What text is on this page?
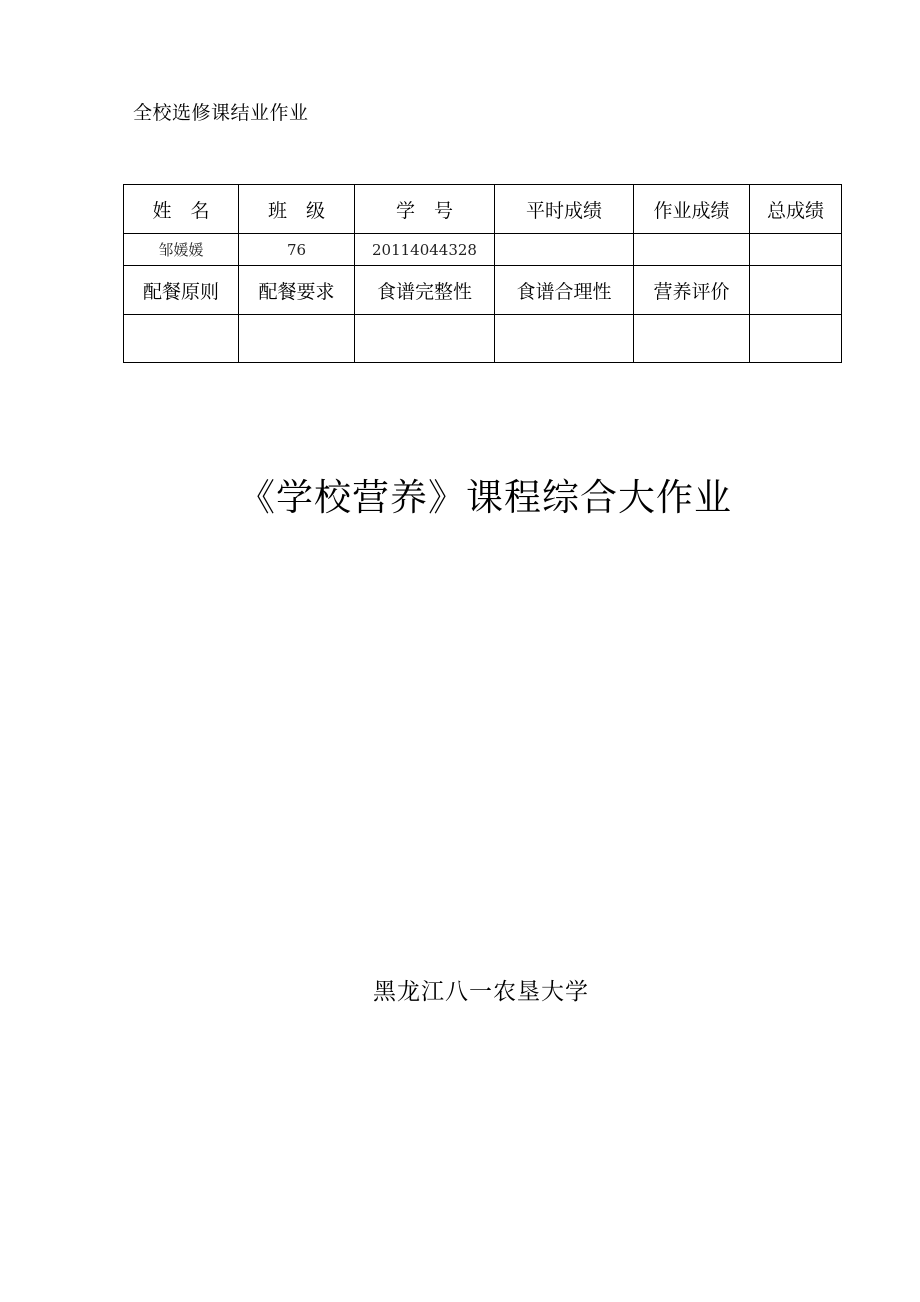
全校选修课结业作业
姓　名	班　级	学　号	平时成绩	作业成绩	总成绩
邹媛媛	76	20114044328			
配餐原则	配餐要求	食谱完整性	食谱合理性	营养评价	

《学校营养》课程综合大作业
黑龙江八一农垦大学
